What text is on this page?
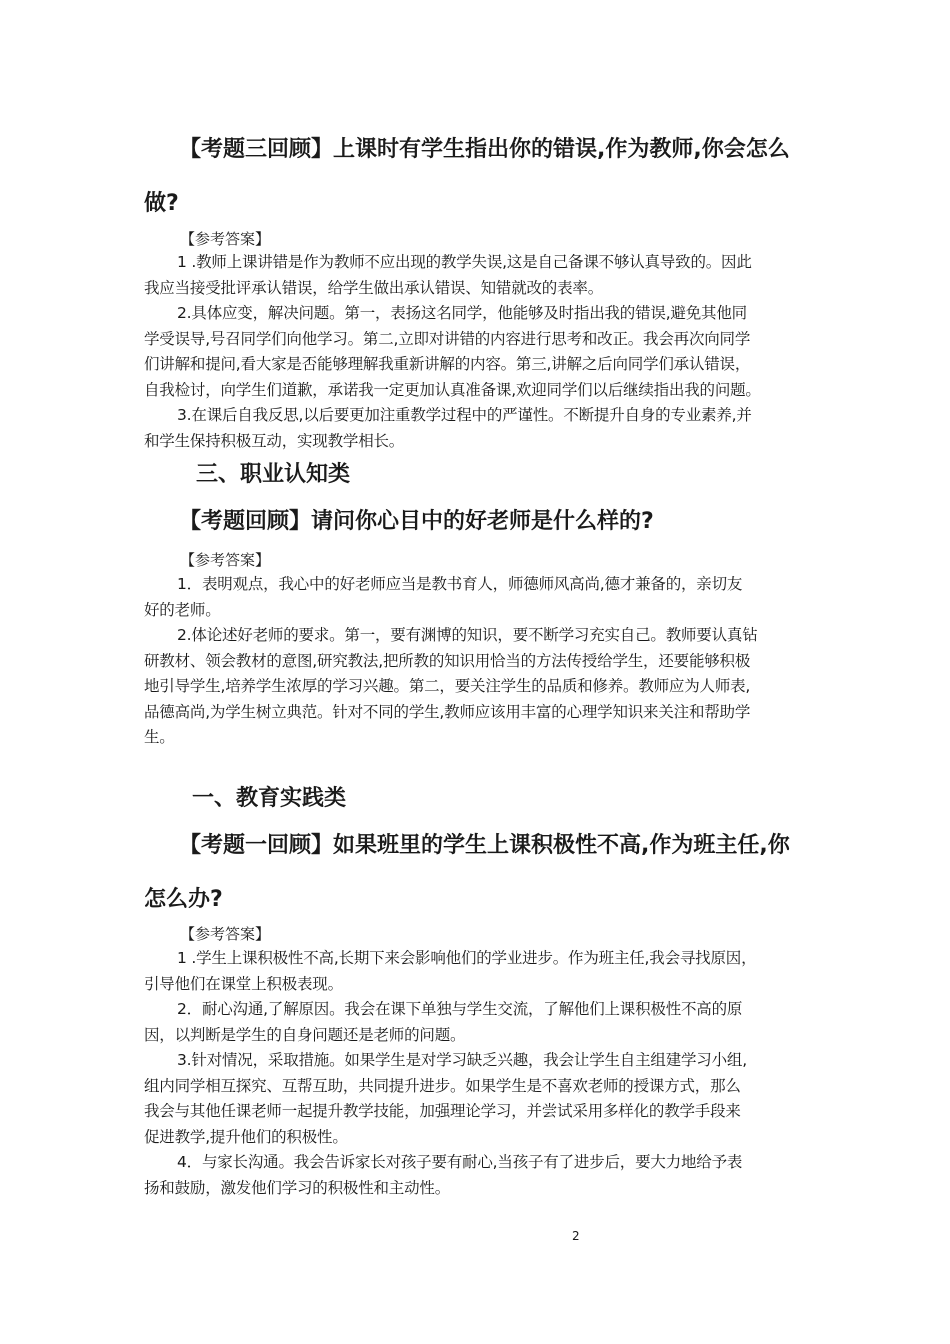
【考题三回顾】上课时有学生指出你的错误,作为教师,你会怎么
做?

【参考答案】

1 .教师上课讲错是作为教师不应出现的教学失误,这是自己备课不够认真导致的。因此
我应当接受批评承认错误，给学生做出承认错误、知错就改的表率。
2.具体应变，解决问题。第一，表扬这名同学，他能够及时指出我的错误,避免其他同
学受误导,号召同学们向他学习。第二,立即对讲错的内容进行思考和改正。我会再次向同学
们讲解和提问,看大家是否能够理解我重新讲解的内容。第三,讲解之后向同学们承认错误，
自我检讨，向学生们道歉，承诺我一定更加认真准备课,欢迎同学们以后继续指出我的问题。
3.在课后自我反思,以后要更加注重教学过程中的严谨性。不断提升自身的专业素养,并
和学生保持积极互动，实现教学相长。
三、职业认知类
【考题回顾】请问你心目中的好老师是什么样的?

【参考答案】

1．表明观点，我心中的好老师应当是教书育人，师德师风高尚,德才兼备的，亲切友
好的老师。
2.体论述好老师的要求。第一，要有渊博的知识，要不断学习充实自己。教师要认真钻
研教材、领会教材的意图,研究教法,把所教的知识用恰当的方法传授给学生，还要能够积极
地引导学生,培养学生浓厚的学习兴趣。第二，要关注学生的品质和修养。教师应为人师表,
品德高尚,为学生树立典范。针对不同的学生,教师应该用丰富的心理学知识来关注和帮助学
生。
一、教育实践类
【考题一回顾】如果班里的学生上课积极性不高,作为班主任,你
怎么办?

【参考答案】

1 .学生上课积极性不高,长期下来会影响他们的学业进步。作为班主任,我会寻找原因，
引导他们在课堂上积极表现。
2．耐心沟通,了解原因。我会在课下单独与学生交流，了解他们上课积极性不高的原
因，以判断是学生的自身问题还是老师的问题。
3.针对情况，采取措施。如果学生是对学习缺乏兴趣，我会让学生自主组建学习小组,
组内同学相互探究、互帮互助，共同提升进步。如果学生是不喜欢老师的授课方式，那么
我会与其他任课老师一起提升教学技能，加强理论学习，并尝试采用多样化的教学手段来
促进教学,提升他们的积极性。
4．与家长沟通。我会告诉家长对孩子要有耐心,当孩子有了进步后，要大力地给予表
扬和鼓励，激发他们学习的积极性和主动性。

2
